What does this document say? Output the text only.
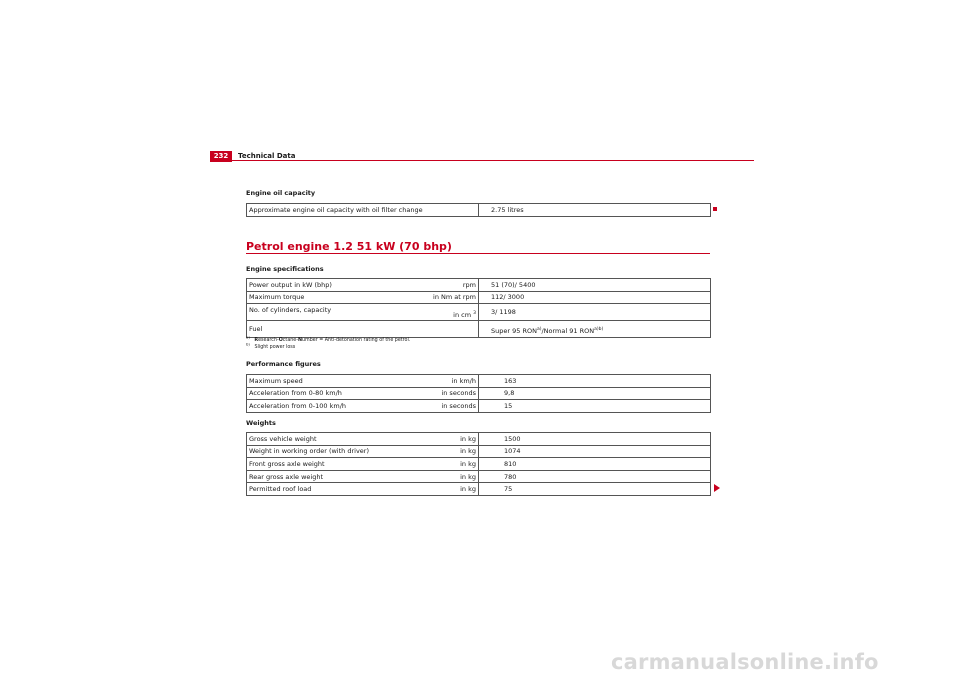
232	Technical Data
Engine oil capacity
Approximate engine oil capacity with oil filter change	2.75 litres
Petrol engine 1.2 51 kW (70 bhp)
Engine specifications
Power output in kW (bhp) rpm	51 (70)/ 5400

Maximum torque in Nm at rpm	112/ 3000

No. of cylinders, capacity
in cm $^3$	3/ 1198

Fuel	Super 95 RON$^{a)}$/Normal 91 $RON^{a)b)}$
$^{a)}$   Research-Octane-Number = Anti-detonation rating of the petrol.
$^{b)}$   Slight power loss
Performance figures
Maximum speed in km/h	163

Acceleration from 0-80 km/h in seconds	9,8

Acceleration from 0-100 km/h in seconds	15
Weights
Gross vehicle weight in kg	1500

Weight in working order (with driver) in kg	1074

Front gross axle weight in kg	810

Rear gross axle weight in kg	780

Permitted roof load in kg	75
carmanualsonline.info
